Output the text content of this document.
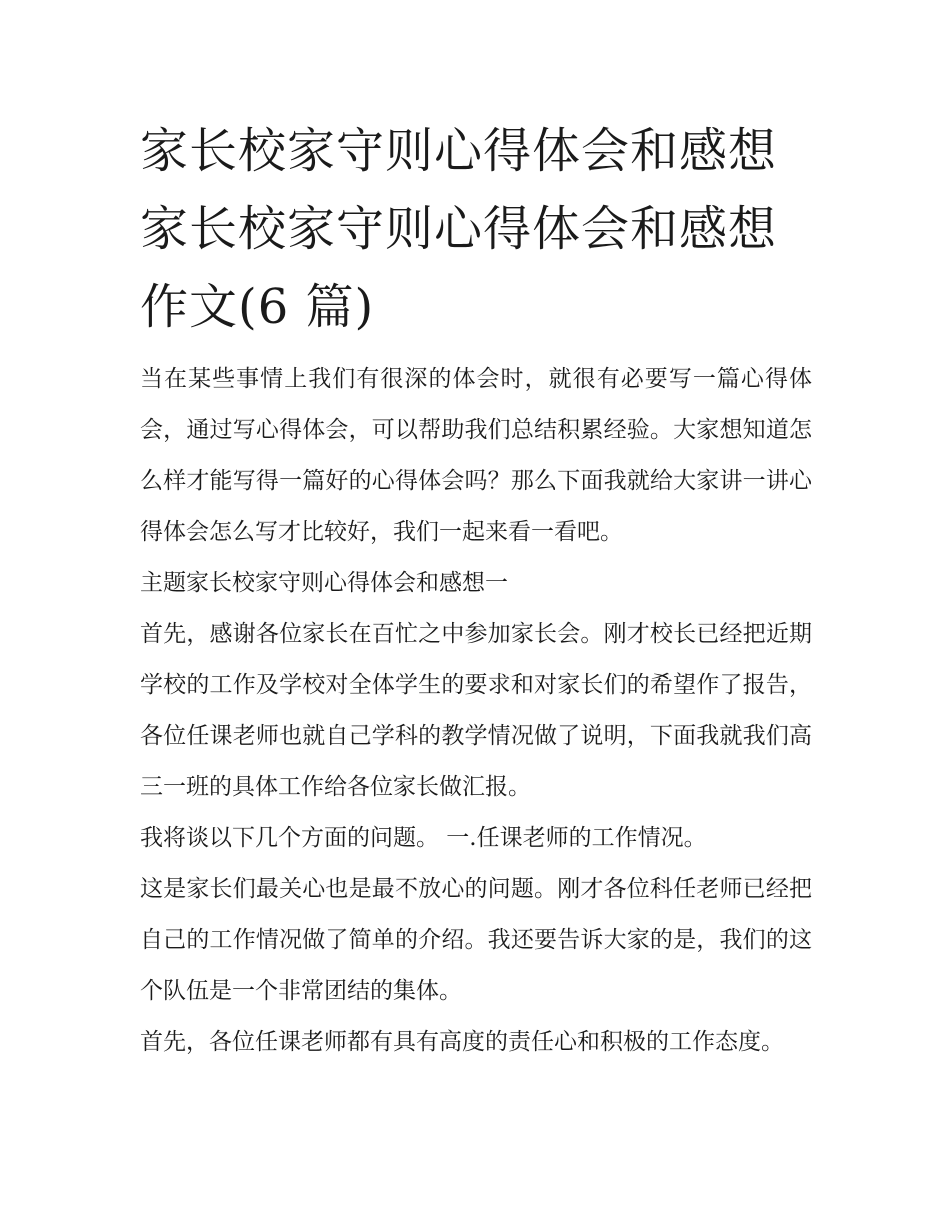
家长校家守则心得体会和感想
家长校家守则心得体会和感想
作文(6 篇)

当在某些事情上我们有很深的体会时，就很有必要写一篇心得体会，通过写心得体会，可以帮助我们总结积累经验。大家想知道怎么样才能写得一篇好的心得体会吗？那么下面我就给大家讲一讲心得体会怎么写才比较好，我们一起来看一看吧。

主题家长校家守则心得体会和感想一

首先，感谢各位家长在百忙之中参加家长会。刚才校长已经把近期学校的工作及学校对全体学生的要求和对家长们的希望作了报告，各位任课老师也就自己学科的教学情况做了说明，下面我就我们高三一班的具体工作给各位家长做汇报。

我将谈以下几个方面的问题。 一.任课老师的工作情况。

这是家长们最关心也是最不放心的问题。刚才各位科任老师已经把自己的工作情况做了简单的介绍。我还要告诉大家的是，我们的这个队伍是一个非常团结的集体。

首先，各位任课老师都有具有高度的责任心和积极的工作态度。
